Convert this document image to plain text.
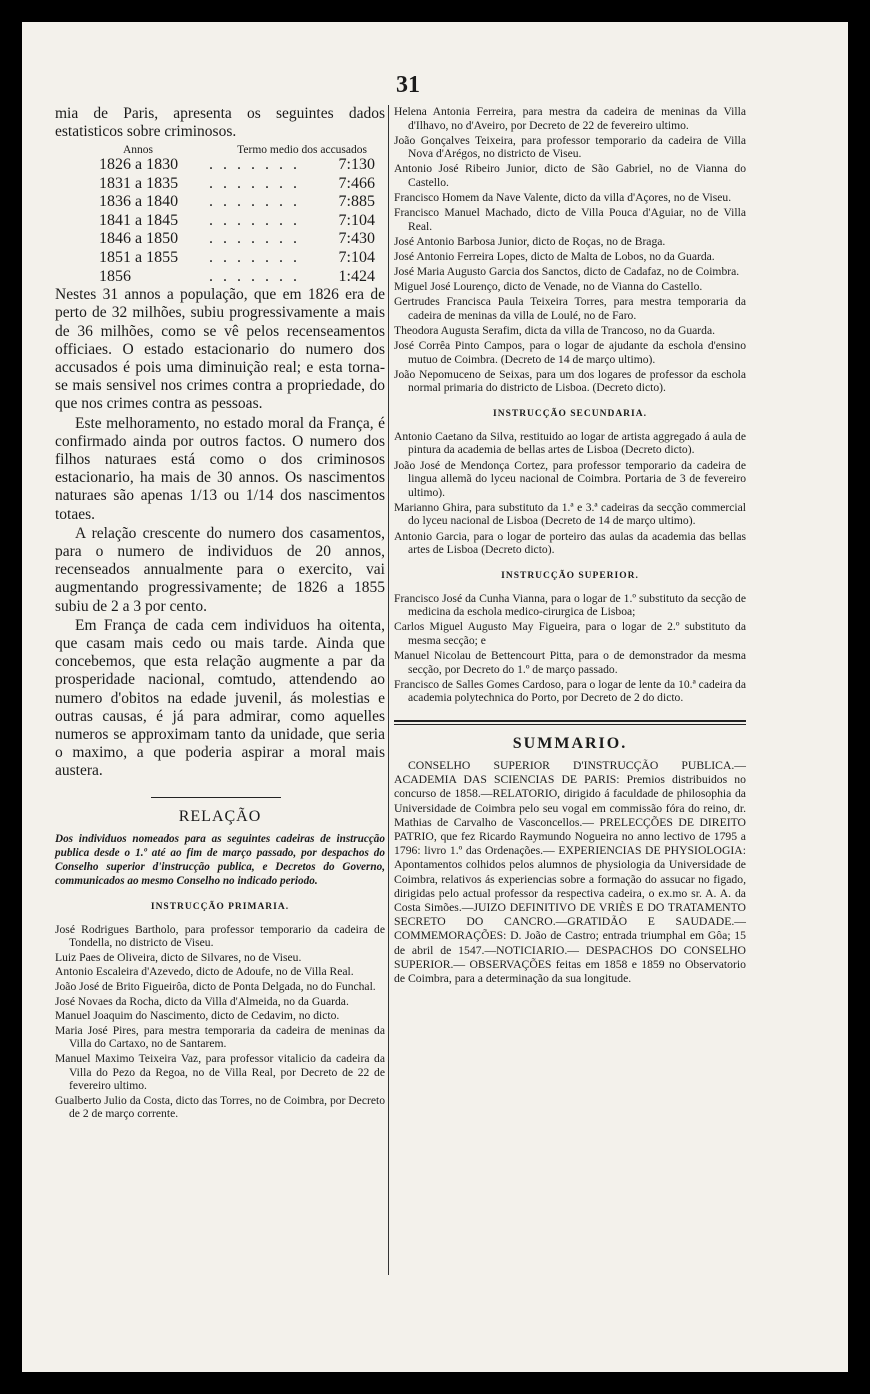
31

mia de Paris, apresenta os seguintes dados estatisticos sobre criminosos.

Annos	Termo medio dos accusados
1826 a 1830 . . .	7:130
1831 a 1835 . . .	7:466
1836 a 1840 . . .	7:885
1841 a 1845 . . .	7:104
1846 a 1850 . . .	7:430
1851 a 1855 . . .	7:104
1856 . . .	1:424

Nestes 31 annos a população, que em 1826 era de perto de 32 milhões, subiu progressivamente a mais de 36 milhões, como se vê pelos recenseamentos officiaes. O estado estacionario do numero dos accusados é pois uma diminuição real; e esta torna-se mais sensivel nos crimes contra a propriedade, do que nos crimes contra as pessoas.

Este melhoramento, no estado moral da França, é confirmado ainda por outros factos. O numero dos filhos naturaes está como o dos criminosos estacionario, ha mais de 30 annos. Os nascimentos naturaes são apenas 1/13 ou 1/14 dos nascimentos totaes.

A relação crescente do numero dos casamentos, para o numero de individuos de 20 annos, recenseados annualmente para o exercito, vai augmentando progressivamente; de 1826 a 1855 subiu de 2 a 3 por cento.

Em França de cada cem individuos ha oitenta, que casam mais cedo ou mais tarde. Ainda que concebemos, que esta relação augmente a par da prosperidade nacional, comtudo, attendendo ao numero d'obitos na edade juvenil, ás molestias e outras causas, é já para admirar, como aquelles numeros se approximam tanto da unidade, que seria o maximo, a que poderia aspirar a moral mais austera.

RELAÇÃO

Dos individuos nomeados para as seguintes cadeiras de instrucção publica desde o 1.º até ao fim de março passado, por despachos do Conselho superior d'instrucção publica, e Decretos do Governo, communicados ao mesmo Conselho no indicado periodo.

INSTRUCÇÃO PRIMARIA.

José Rodrigues Bartholo, para professor temporario da cadeira de Tondella, no districto de Viseu.

Luiz Paes de Oliveira, dicto de Silvares, no de Viseu.

Antonio Escaleira d'Azevedo, dicto de Adoufe, no de Villa Real.

João José de Brito Figueirôa, dicto de Ponta Delgada, no do Funchal.

José Novaes da Rocha, dicto da Villa d'Almeida, no da Guarda.

Manuel Joaquim do Nascimento, dicto de Cedavim, no dicto.

Maria José Pires, para mestra temporaria da cadeira de meninas da Villa do Cartaxo, no de Santarem.

Manuel Maximo Teixeira Vaz, para professor vitalicio da cadeira da Villa do Pezo da Regoa, no de Villa Real, por Decreto de 22 de fevereiro ultimo.

Gualberto Julio da Costa, dicto das Torres, no de Coimbra, por Decreto de 2 de março corrente.

Helena Antonia Ferreira, para mestra da cadeira de meninas da Villa d'Ilhavo, no d'Aveiro, por Decreto de 22 de fevereiro ultimo.

João Gonçalves Teixeira, para professor temporario da cadeira de Villa Nova d'Arégos, no districto de Viseu.

Antonio José Ribeiro Junior, dicto de São Gabriel, no de Vianna do Castello.

Francisco Homem da Nave Valente, dicto da villa d'Açores, no de Viseu.

Francisco Manuel Machado, dicto de Villa Pouca d'Aguiar, no de Villa Real.

José Antonio Barbosa Junior, dicto de Roças, no de Braga.

José Antonio Ferreira Lopes, dicto de Malta de Lobos, no da Guarda.

José Maria Augusto Garcia dos Sanctos, dicto de Cadafaz, no de Coimbra.

Miguel José Lourenço, dicto de Venade, no de Vianna do Castello.

Gertrudes Francisca Paula Teixeira Torres, para mestra temporaria da cadeira de meninas da villa de Loulé, no de Faro.

Theodora Augusta Serafim, dicta da villa de Trancoso, no da Guarda.

José Corrêa Pinto Campos, para o logar de ajudante da eschola d'ensino mutuo de Coimbra. (Decreto de 14 de março ultimo).

João Nepomuceno de Seixas, para um dos logares de professor da eschola normal primaria do districto de Lisboa. (Decreto dicto).

INSTRUCÇÃO SECUNDARIA.

Antonio Caetano da Silva, restituido ao logar de artista aggregado á aula de pintura da academia de bellas artes de Lisboa (Decreto dicto).

João José de Mendonça Cortez, para professor temporario da cadeira de lingua allemã do lyceu nacional de Coimbra. Portaria de 3 de fevereiro ultimo).

Marianno Ghira, para substituto da 1.ª e 3.ª cadeiras da secção commercial do lyceu nacional de Lisboa (Decreto de 14 de março ultimo).

Antonio Garcia, para o logar de porteiro das aulas da academia das bellas artes de Lisboa (Decreto dicto).

INSTRUCÇÃO SUPERIOR.

Francisco José da Cunha Vianna, para o logar de 1.º substituto da secção de medicina da eschola medico-cirurgica de Lisboa;

Carlos Miguel Augusto May Figueira, para o logar de 2.º substituto da mesma secção; e

Manuel Nicolau de Bettencourt Pitta, para o de demonstrador da mesma secção, por Decreto do 1.º de março passado.

Francisco de Salles Gomes Cardoso, para o logar de lente da 10.ª cadeira da academia polytechnica do Porto, por Decreto de 2 do dicto.

SUMMARIO.

CONSELHO SUPERIOR D'INSTRUCÇÃO PUBLICA.—ACADEMIA DAS SCIENCIAS DE PARIS: Premios distribuidos no concurso de 1858.—RELATORIO, dirigido á faculdade de philosophia da Universidade de Coimbra pelo seu vogal em commissão fóra do reino, dr. Mathias de Carvalho de Vasconcellos.— PRELECÇÕES DE DIREITO PATRIO, que fez Ricardo Raymundo Nogueira no anno lectivo de 1795 a 1796: livro 1.º das Ordenações.— EXPERIENCIAS DE PHYSIOLOGIA: Apontamentos colhidos pelos alumnos de physiologia da Universidade de Coimbra, relativos ás experiencias sobre a formação do assucar no figado, dirigidas pelo actual professor da respectiva cadeira, o ex.mo sr. A. A. da Costa Simões.—JUIZO DEFINITIVO DE VRIÈS E DO TRATAMENTO SECRETO DO CANCRO.—GRATIDÃO E SAUDADE.— COMMEMORAÇÕES: D. João de Castro; entrada triumphal em Gôa; 15 de abril de 1547.—NOTICIARIO.— DESPACHOS DO CONSELHO SUPERIOR.— OBSERVAÇÕES feitas em 1858 e 1859 no Observatorio de Coimbra, para a determinação da sua longitude.
